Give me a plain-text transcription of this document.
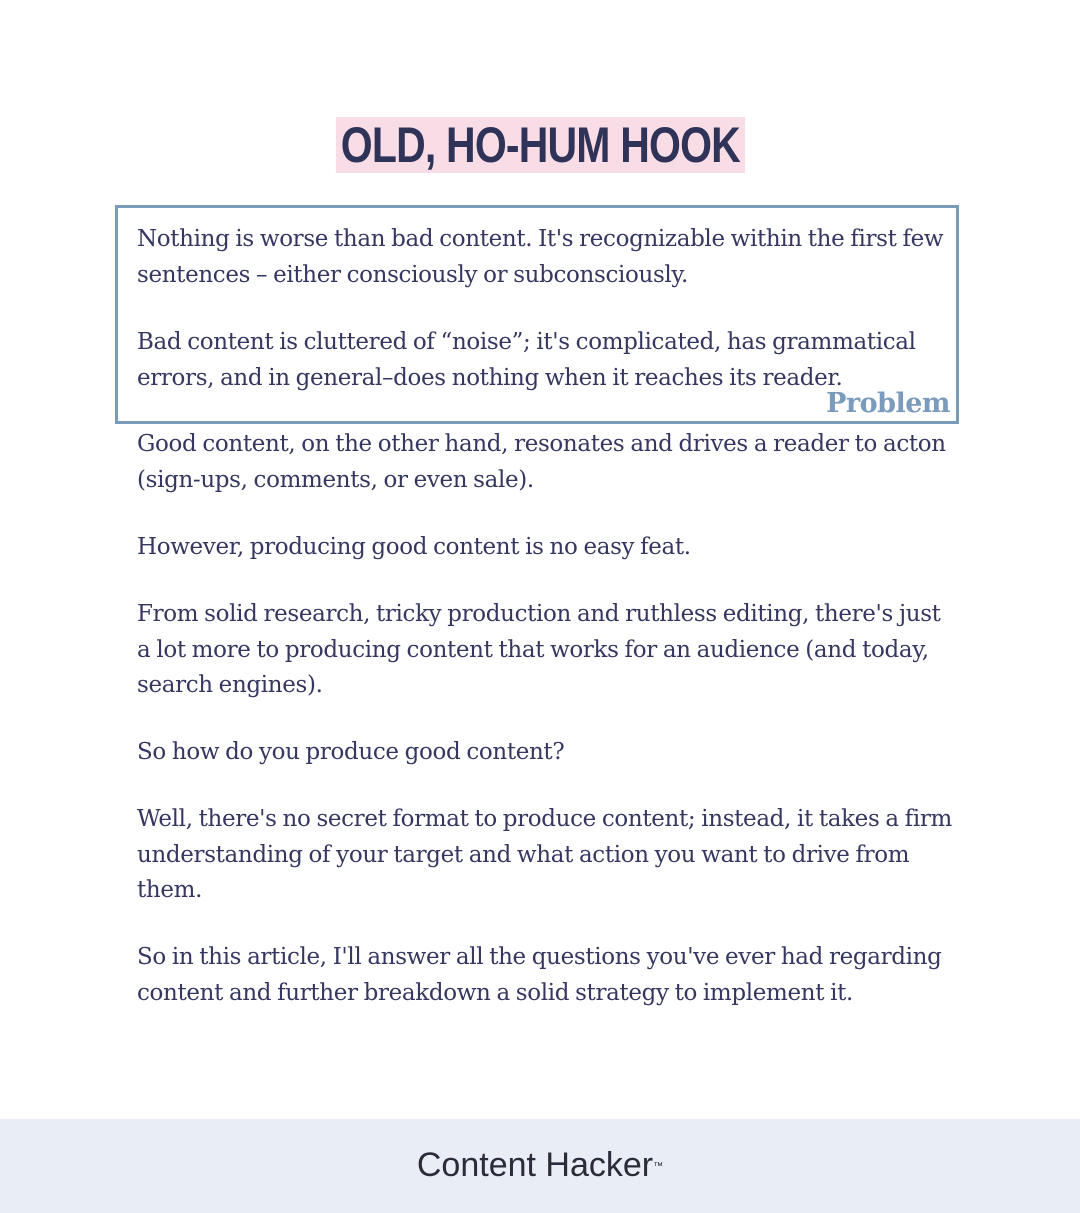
OLD, HO-HUM HOOK
Problem

Nothing is worse than bad content. It's recognizable within the first few sentences – either consciously or subconsciously.

Bad content is cluttered of “noise”; it's complicated, has grammatical errors, and in general–does nothing when it reaches its reader.

Good content, on the other hand, resonates and drives a reader to acton (sign-ups, comments, or even sale).

However, producing good content is no easy feat.

From solid research, tricky production and ruthless editing, there's just a lot more to producing content that works for an audience (and today, search engines).

So how do you produce good content?

Well, there's no secret format to produce content; instead, it takes a firm understanding of your target and what action you want to drive from them.

So in this article, I'll answer all the questions you've ever had regarding content and further breakdown a solid strategy to implement it.

Content Hacker™
